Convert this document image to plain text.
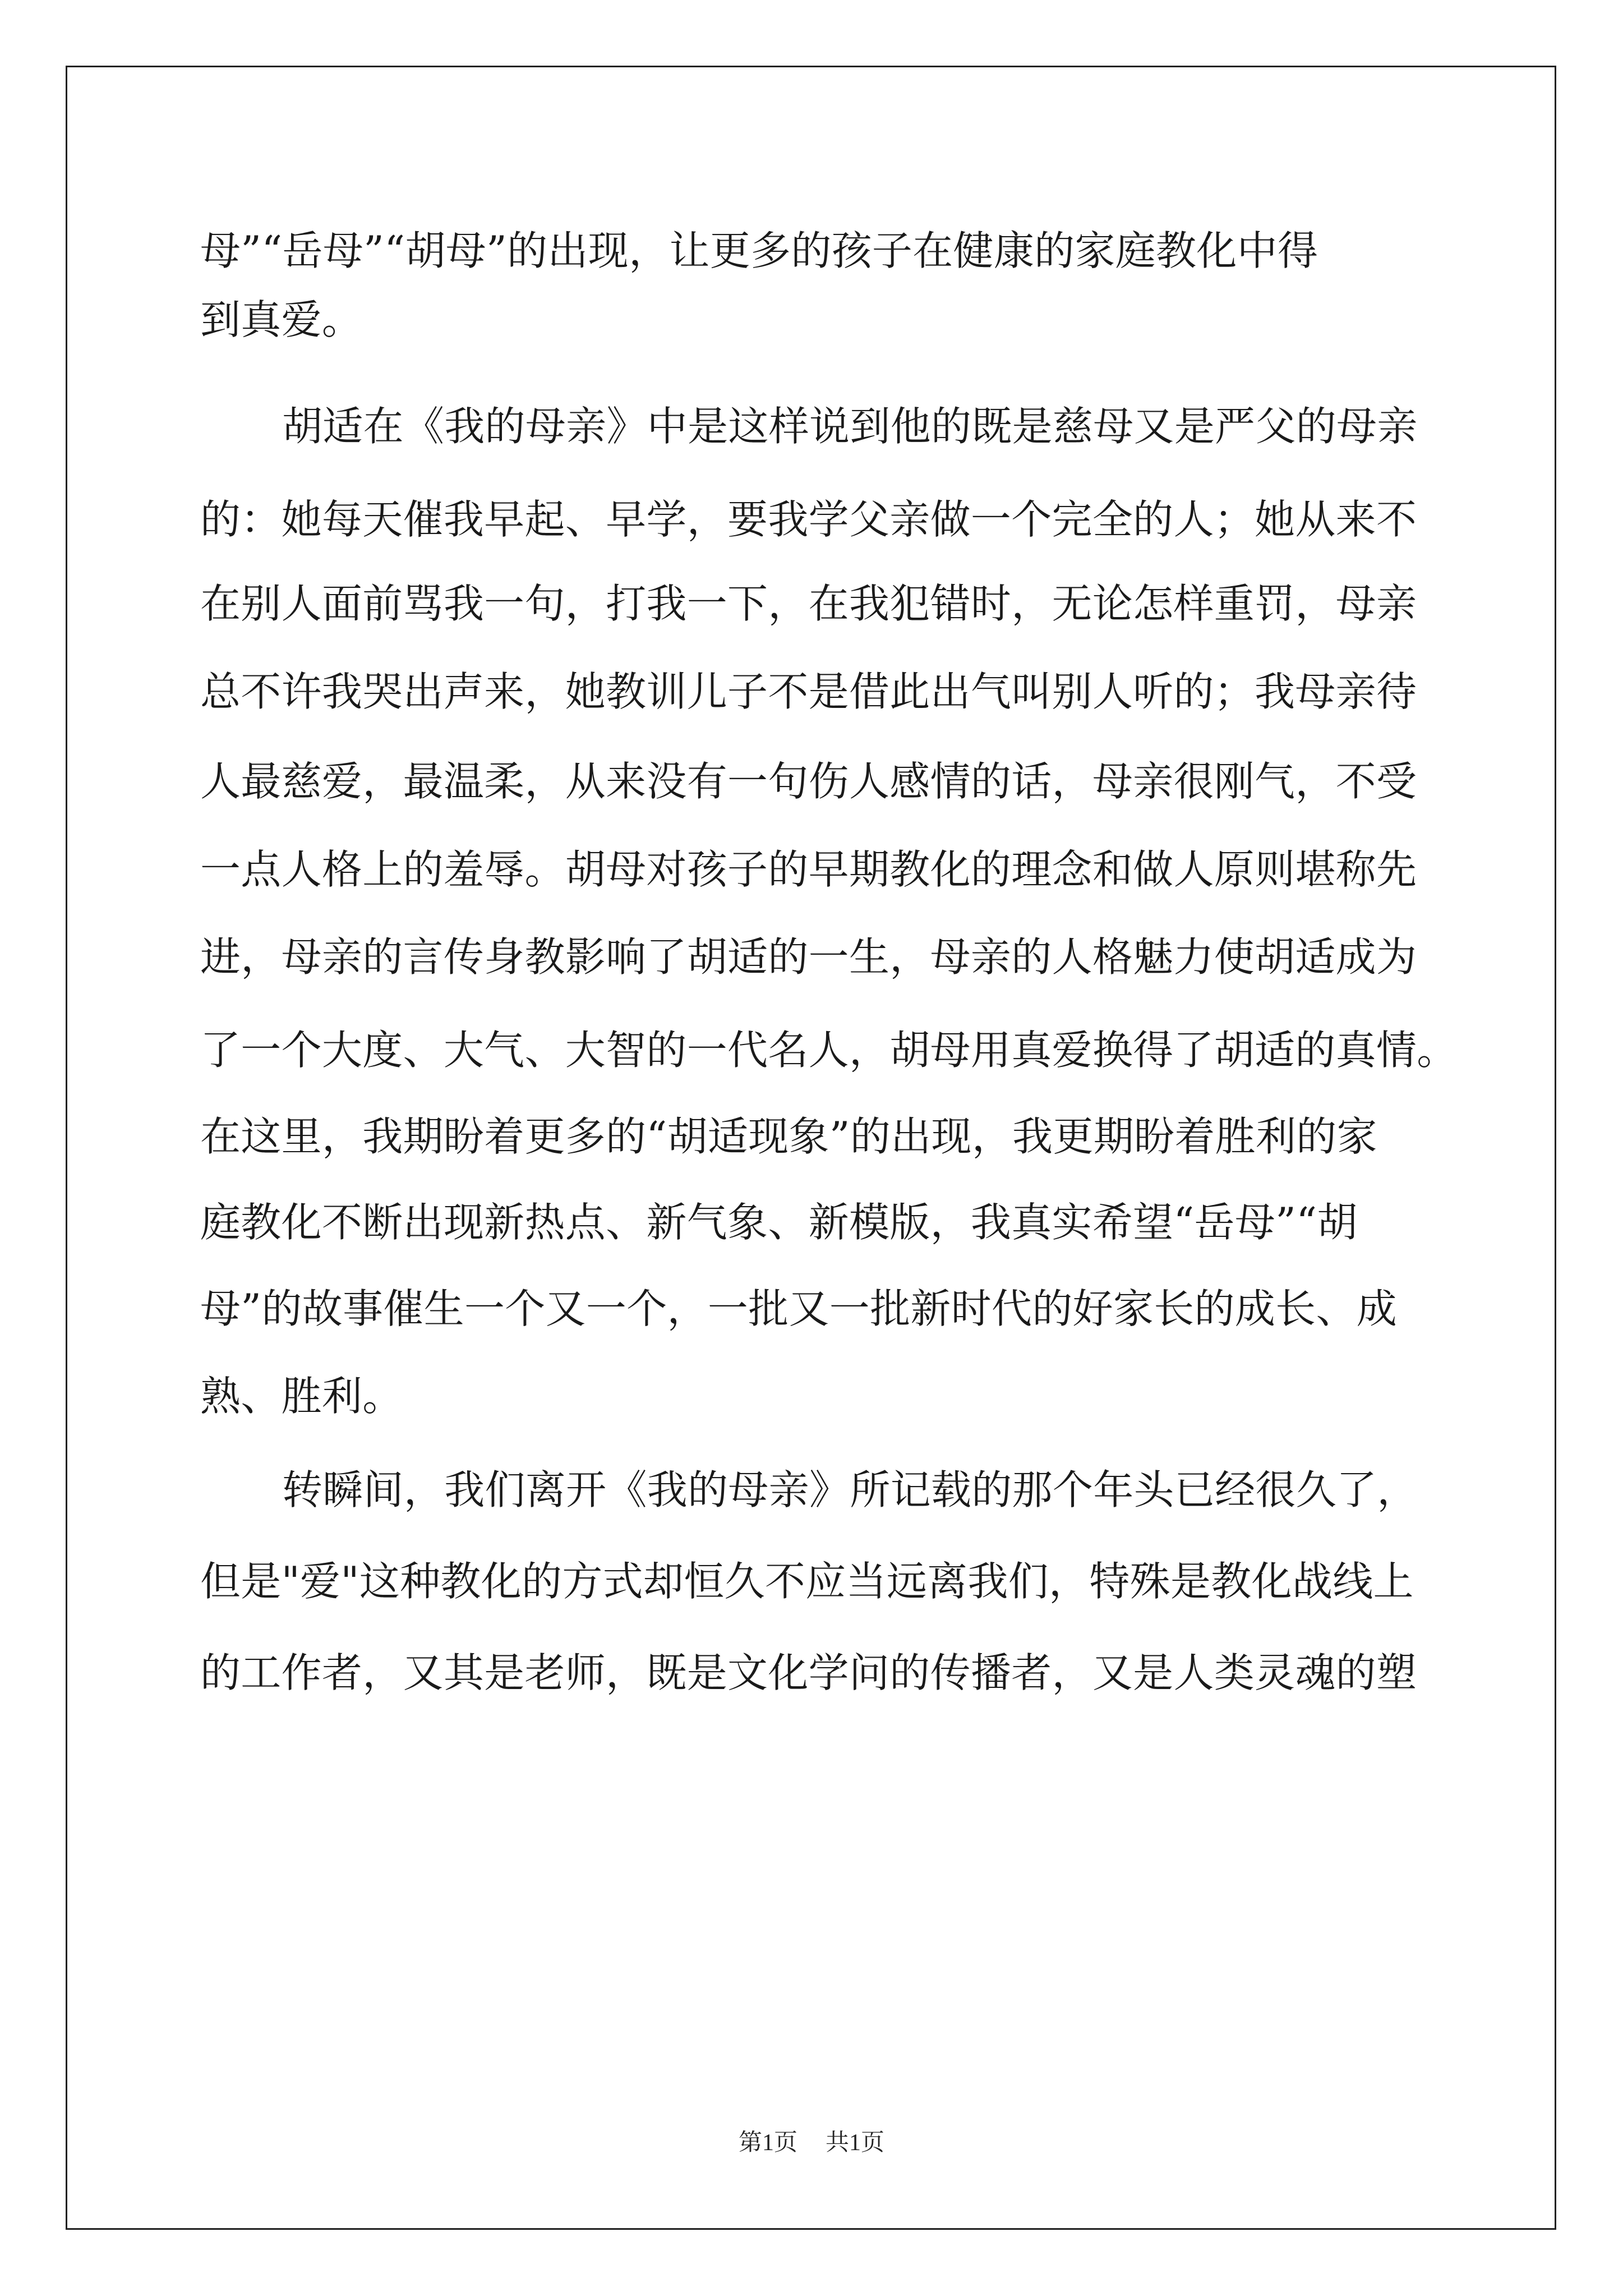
母”“岳母”“胡母”的出现，让更多的孩子在健康的家庭教化中得
到真爱。
胡适在《我的母亲》中是这样说到他的既是慈母又是严父的母亲
的：她每天催我早起、早学，要我学父亲做一个完全的人；她从来不
在别人面前骂我一句，打我一下，在我犯错时，无论怎样重罚，母亲
总不许我哭出声来，她教训儿子不是借此出气叫别人听的；我母亲待
人最慈爱，最温柔，从来没有一句伤人感情的话，母亲很刚气，不受
一点人格上的羞辱。胡母对孩子的早期教化的理念和做人原则堪称先
进，母亲的言传身教影响了胡适的一生，母亲的人格魅力使胡适成为
了一个大度、大气、大智的一代名人，胡母用真爱换得了胡适的真情。
在这里，我期盼着更多的“胡适现象”的出现，我更期盼着胜利的家
庭教化不断出现新热点、新气象、新模版，我真实希望“岳母”“胡
母”的故事催生一个又一个，一批又一批新时代的好家长的成长、成
熟、胜利。
转瞬间，我们离开《我的母亲》所记载的那个年头已经很久了，
但是"爱"这种教化的方式却恒久不应当远离我们，特殊是教化战线上
的工作者，又其是老师，既是文化学问的传播者，又是人类灵魂的塑
第1页 共1页
